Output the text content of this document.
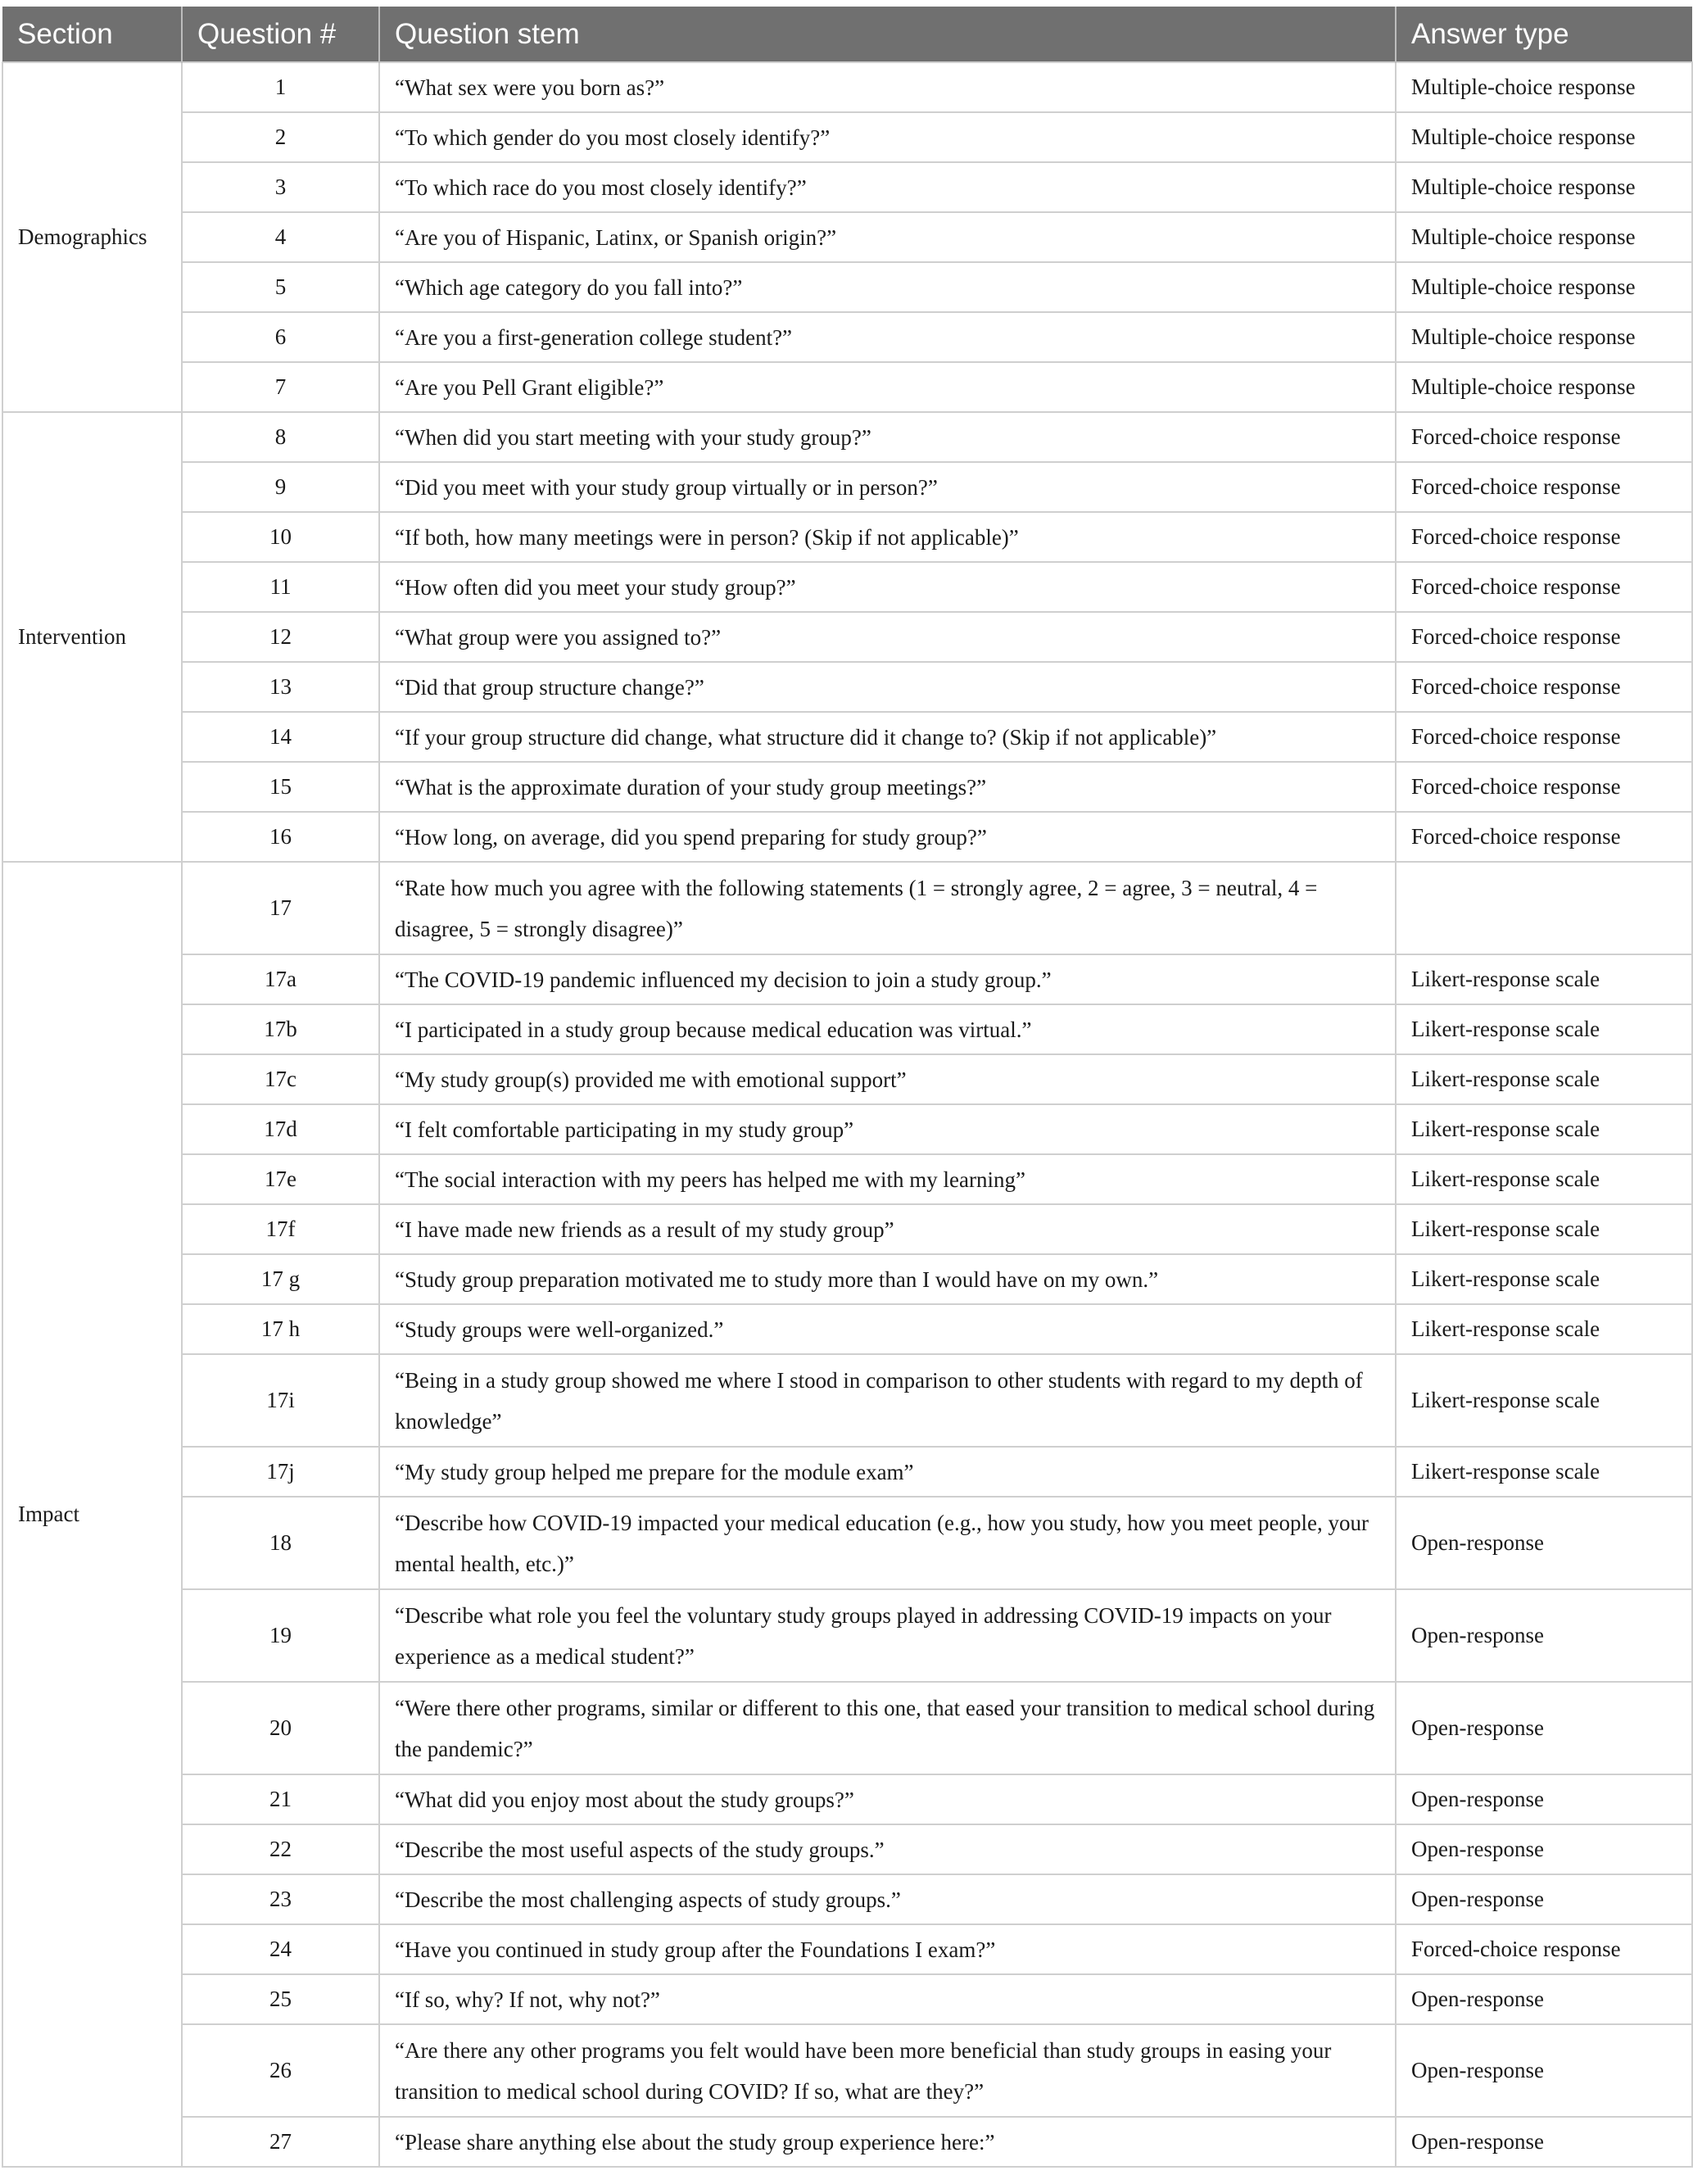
Section	Question #	Question stem	Answer type
Demographics	1	“What sex were you born as?”	Multiple-choice response
	2	“To which gender do you most closely identify?”	Multiple-choice response
	3	“To which race do you most closely identify?”	Multiple-choice response
	4	“Are you of Hispanic, Latinx, or Spanish origin?”	Multiple-choice response
	5	“Which age category do you fall into?”	Multiple-choice response
	6	“Are you a first-generation college student?”	Multiple-choice response
	7	“Are you Pell Grant eligible?”	Multiple-choice response
Intervention	8	“When did you start meeting with your study group?”	Forced-choice response
	9	“Did you meet with your study group virtually or in person?”	Forced-choice response
	10	“If both, how many meetings were in person? (Skip if not applicable)”	Forced-choice response
	11	“How often did you meet your study group?”	Forced-choice response
	12	“What group were you assigned to?”	Forced-choice response
	13	“Did that group structure change?”	Forced-choice response
	14	“If your group structure did change, what structure did it change to? (Skip if not applicable)”	Forced-choice response
	15	“What is the approximate duration of your study group meetings?”	Forced-choice response
	16	“How long, on average, did you spend preparing for study group?”	Forced-choice response
Impact	17	“Rate how much you agree with the following statements (1 = strongly agree, 2 = agree, 3 = neutral, 4 = disagree, 5 = strongly disagree)”	
	17a	“The COVID-19 pandemic influenced my decision to join a study group.”	Likert-response scale
	17b	“I participated in a study group because medical education was virtual.”	Likert-response scale
	17c	“My study group(s) provided me with emotional support”	Likert-response scale
	17d	“I felt comfortable participating in my study group”	Likert-response scale
	17e	“The social interaction with my peers has helped me with my learning”	Likert-response scale
	17f	“I have made new friends as a result of my study group”	Likert-response scale
	17 g	“Study group preparation motivated me to study more than I would have on my own.”	Likert-response scale
	17 h	“Study groups were well-organized.”	Likert-response scale
	17i	“Being in a study group showed me where I stood in comparison to other students with regard to my depth of knowledge”	Likert-response scale
	17j	“My study group helped me prepare for the module exam”	Likert-response scale
	18	“Describe how COVID-19 impacted your medical education (e.g., how you study, how you meet people, your mental health, etc.)”	Open-response
	19	“Describe what role you feel the voluntary study groups played in addressing COVID-19 impacts on your experience as a medical student?”	Open-response
	20	“Were there other programs, similar or different to this one, that eased your transition to medical school during the pandemic?”	Open-response
	21	“What did you enjoy most about the study groups?”	Open-response
	22	“Describe the most useful aspects of the study groups.”	Open-response
	23	“Describe the most challenging aspects of study groups.”	Open-response
	24	“Have you continued in study group after the Foundations I exam?”	Forced-choice response
	25	“If so, why? If not, why not?”	Open-response
	26	“Are there any other programs you felt would have been more beneficial than study groups in easing your transition to medical school during COVID? If so, what are they?”	Open-response
	27	“Please share anything else about the study group experience here:”	Open-response
